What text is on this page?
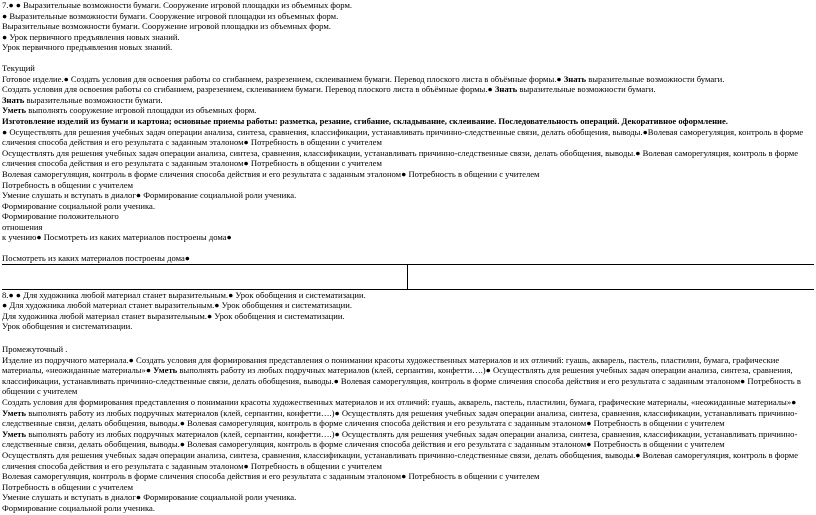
7.● ● Выразительные возможности бумаги. Сооружение игровой площадки из объемных форм.

● Выразительные возможности бумаги. Сооружение игровой площадки из объемных форм.

Выразительные возможности бумаги. Сооружение игровой площадки из объемных форм.

● Урок первичного предъявления новых знаний.

Урок первичного предъявления новых знаний.

Текущий

Готовое изделие.● Создать условия для освоения работы со сгибанием, разрезением, склеиванием бумаги. Перевод плоского листа в объёмные формы.● Знать выразительные возможности бумаги.

Создать условия для освоения работы со сгибанием, разрезением, склеиванием бумаги. Перевод плоского листа в объёмные формы.● Знать выразительные возможности бумаги.

Знать выразительные возможности бумаги.

Уметь выполнять сооружение игровой площадки из объемных форм.

Изготовление изделий из бумаги и картона; основные приемы работы: разметка, резание, сгибание, складывание, склеивание. Последовательность операций. Декоративное оформление.

● Осуществлять для решения учебных задач операции анализа, синтеза, сравнения, классификации, устанавливать причинно-следственные связи, делать обобщения, выводы.●Волевая саморегуляция, контроль в форме сличения способа действия и его результата с заданным эталоном● Потребность в общении с учителем

Осуществлять для решения учебных задач операции анализа, синтеза, сравнения, классификации, устанавливать причинно-следственные связи, делать обобщения, выводы.● Волевая саморегуляция, контроль в форме сличения способа действия и его результата с заданным эталоном● Потребность в общении с учителем

Волевая саморегуляция, контроль в форме сличения способа действия и его результата с заданным эталоном● Потребность в общении с учителем

Потребность в общении с учителем

Умение слушать и вступать в диалог● Формирование социальной роли ученика.

Формирование социальной роли ученика.

Формирование положительного

отношения

к учению● Посмотреть из каких материалов построены дома●

Посмотреть из каких материалов построены дома●

8.● ● Для художника любой материал станет выразительным.● Урок обобщения и систематизации.

● Для художника любой материал станет выразительным.● Урок обобщения и систематизации.

Для художника любой материал станет выразительным.● Урок обобщения и систематизации.

Урок обобщения и систематизации.

Промежуточный .

Изделие из подручного материала.● Создать условия для формирования представления о понимании красоты художественных материалов и их отличий: гуашь, акварель, пастель, пластилин, бумага, графические материалы, «неожиданные материалы»● Уметь выполнять работу из любых подручных материалов (клей, серпантин, конфетти….)● Осуществлять для решения учебных задач операции анализа, синтеза, сравнения, классификации, устанавливать причинно-следственные связи, делать обобщения, выводы.● Волевая саморегуляция, контроль в форме сличения способа действия и его результата с заданным эталоном● Потребность в общении с учителем

Создать условия для формирования представления о понимании красоты художественных материалов и их отличий: гуашь, акварель, пастель, пластилин, бумага, графические материалы, «неожиданные материалы»● Уметь выполнять работу из любых подручных материалов (клей, серпантин, конфетти….)● Осуществлять для решения учебных задач операции анализа, синтеза, сравнения, классификации, устанавливать причинно-следственные связи, делать обобщения, выводы.● Волевая саморегуляция, контроль в форме сличения способа действия и его результата с заданным эталоном● Потребность в общении с учителем

Уметь выполнять работу из любых подручных материалов (клей, серпантин, конфетти….)● Осуществлять для решения учебных задач операции анализа, синтеза, сравнения, классификации, устанавливать причинно-следственные связи, делать обобщения, выводы.● Волевая саморегуляция, контроль в форме сличения способа действия и его результата с заданным эталоном● Потребность в общении с учителем

Осуществлять для решения учебных задач операции анализа, синтеза, сравнения, классификации, устанавливать причинно-следственные связи, делать обобщения, выводы.● Волевая саморегуляция, контроль в форме сличения способа действия и его результата с заданным эталоном● Потребность в общении с учителем

Волевая саморегуляция, контроль в форме сличения способа действия и его результата с заданным эталоном● Потребность в общении с учителем

Потребность в общении с учителем

Умение слушать и вступать в диалог● Формирование социальной роли ученика.

Формирование социальной роли ученика.
